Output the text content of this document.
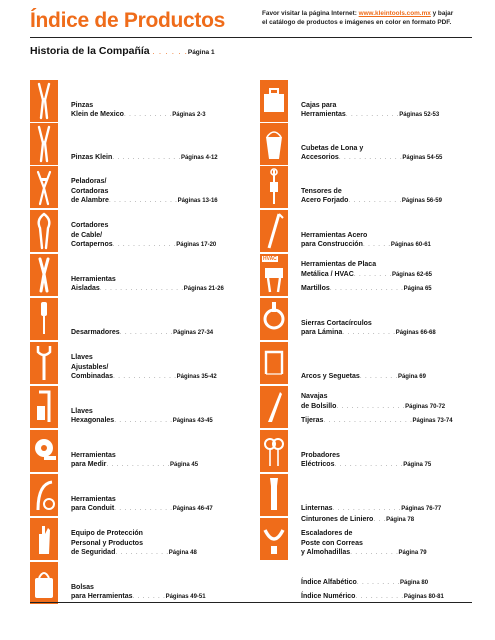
Índice de Productos	Favor visitar la página Internet: www.kleintools.com.mx y bajar
el catálogo de productos e imágenes en color en formato PDF.
Historia de la Compañía . . . . . .Página 1
Pinzas
Klein de Mexico. . . . . . . . . .Páginas 2-3
Pinzas Klein. . . . . . . . . . . . . .Páginas 4-12
Peladoras/
Cortadoras
de Alambre. . . . . . . . . . . . . .Páginas 13-16
Cortadores
de Cable/
Cortapernos. . . . . . . . . . . . .Páginas 17-20
Herramientas
Aisladas. . . . . . . . . . . . . . . . .Páginas 21-26
Desarmadores. . . . . . . . . . .Páginas 27-34
Llaves
Ajustables/
Combinadas. . . . . . . . . . . . .Páginas 35-42
Llaves
Hexagonales. . . . . . . . . . . .Páginas 43-45
Herramientas
para Medir. . . . . . . . . . . . .Página 45
Herramientas
para Conduit. . . . . . . . . . . .Páginas 46-47
Equipo de Protección
Personal y Productos
de Seguridad. . . . . . . . . . .Página 48
Bolsas
para Herramientas. . . . . . .Páginas 49-51
Cajas para
Herramientas. . . . . . . . . . .Páginas 52-53
Cubetas de Lona y
Accesorios. . . . . . . . . . . . .Páginas 54-55
Tensores de
Acero Forjado. . . . . . . . . . .Páginas 56-59
Herramientas Acero
para Construcción. . . . . .Páginas 60-61
HVAC
Herramientas de Placa
Metálica / HVAC. . . . . . . .Páginas 62-65
Martillos. . . . . . . . . . . . . . .Página 65
Sierras Cortacírculos
para Lámina. . . . . . . . . . .Páginas 66-68
Arcos y Seguetas. . . . . . . .Página 69
Navajas
de Bolsillo. . . . . . . . . . . . . .Páginas 70-72
Tijeras. . . . . . . . . . . . . . . . . .Páginas 73-74
Probadores
Eléctricos. . . . . . . . . . . . . .Página 75
Linternas. . . . . . . . . . . . . .Páginas 76-77
Cinturones de Liniero. . .Página 78
Escaladores de
Poste con Correas
y Almohadillas. . . . . . . . . .Página 79
Índice Alfabético. . . . . . . . .Página 80
Índice Numérico. . . . . . . . . .Páginas 80-81
